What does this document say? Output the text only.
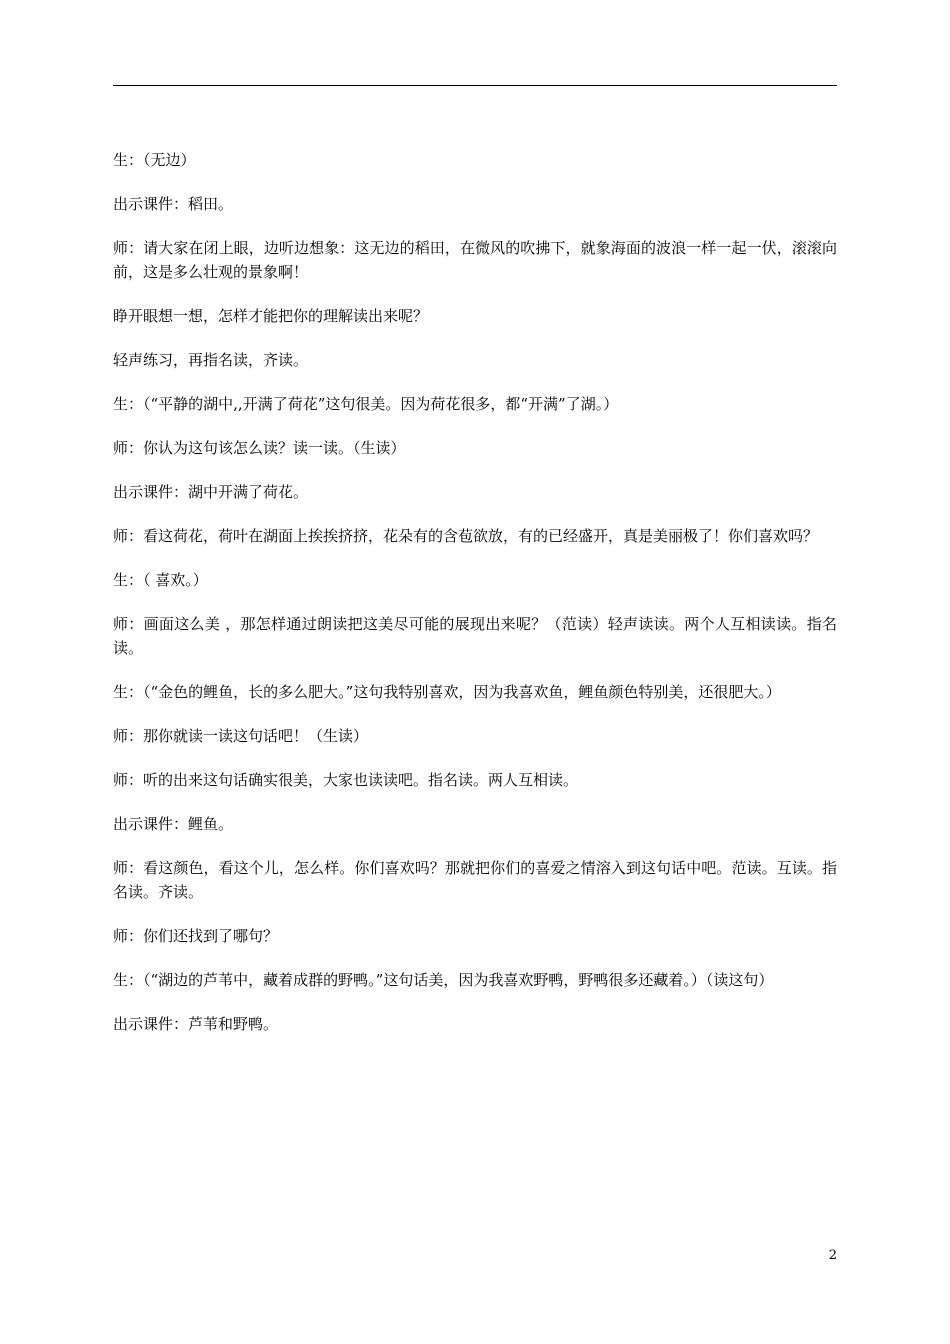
生：（无边）

出示课件：稻田。

师：请大家在闭上眼，边听边想象：这无边的稻田，在微风的吹拂下，就象海面的波浪一样一起一伏，滚滚向前，这是多么壮观的景象啊！

睁开眼想一想，怎样才能把你的理解读出来呢？

轻声练习，再指名读，齐读。

生：（“平静的湖中,,开满了荷花”这句很美。因为荷花很多，都“开满”了湖。）

师：你认为这句该怎么读？读一读。（生读）

出示课件：湖中开满了荷花。

师：看这荷花，荷叶在湖面上挨挨挤挤，花朵有的含苞欲放，有的已经盛开，真是美丽极了！你们喜欢吗？

生：（ 喜欢。）

师：画面这么美 ，那怎样通过朗读把这美尽可能的展现出来呢？（范读）轻声读读。两个人互相读读。指名读。

生：（“金色的鲤鱼，长的多么肥大。”这句我特别喜欢，因为我喜欢鱼，鲤鱼颜色特别美，还很肥大。）

师：那你就读一读这句话吧！（生读）

师：听的出来这句话确实很美，大家也读读吧。指名读。两人互相读。

出示课件：鲤鱼。

师：看这颜色，看这个儿，怎么样。你们喜欢吗？那就把你们的喜爱之情溶入到这句话中吧。范读。互读。指名读。齐读。

师：你们还找到了哪句？

生：（“湖边的芦苇中，藏着成群的野鸭。”这句话美，因为我喜欢野鸭，野鸭很多还藏着。）（读这句）

出示课件：芦苇和野鸭。

2
